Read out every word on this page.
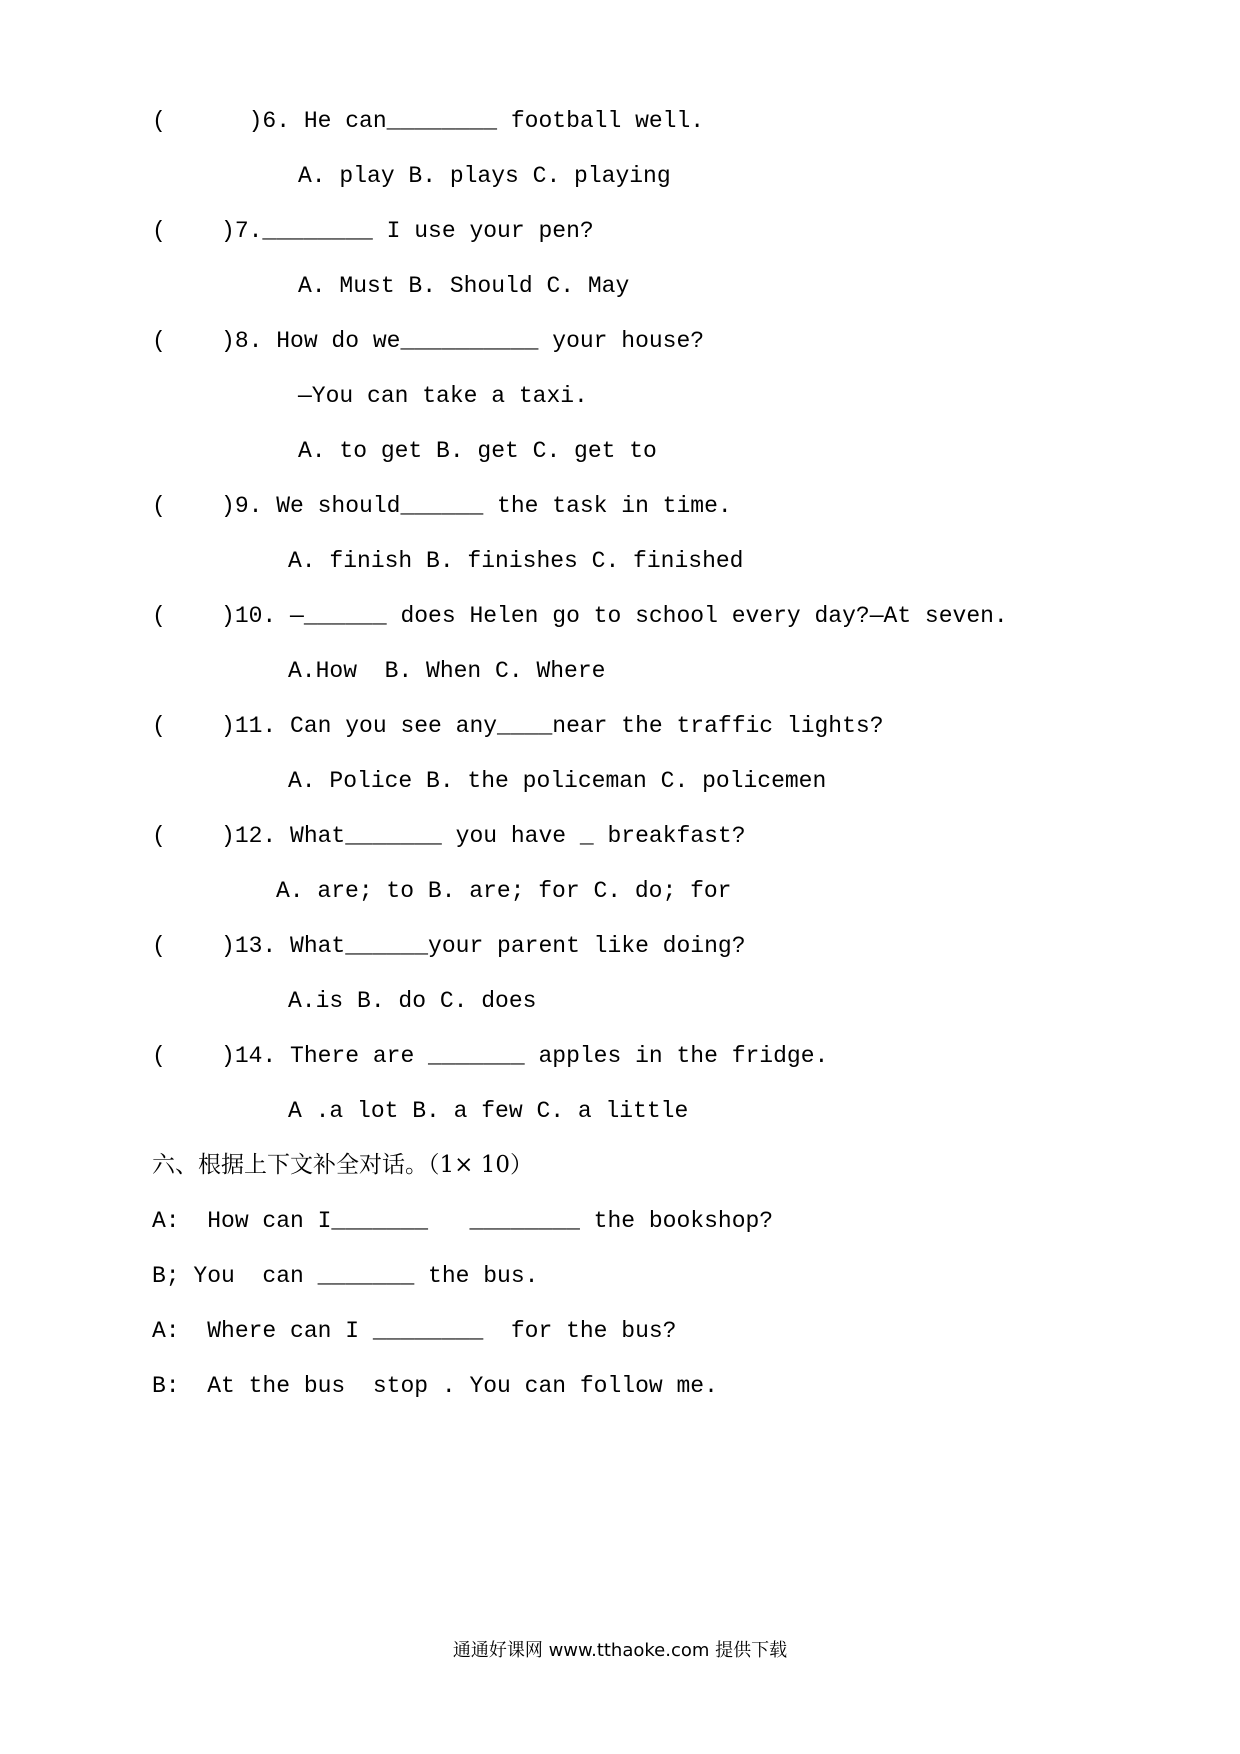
(      )6. He can________ football well.
A. play B. plays C. playing
(    )7.________ I use your pen?
A. Must B. Should C. May
(    )8. How do we__________ your house?
—You can take a taxi.
A. to get B. get C. get to
(    )9. We should______ the task in time.
A. finish B. finishes C. finished
(    )10. —______ does Helen go to school every day?—At seven.
A.How  B. When C. Where
(    )11. Can you see any____near the traffic lights?
A. Police B. the policeman C. policemen
(    )12. What_______ you have _ breakfast?
A. are; to B. are; for C. do; for
(    )13. What______your parent like doing?
A.is B. do C. does
(    )14. There are _______ apples in the fridge.
A .a lot B. a few C. a little
六、根据上下文补全对话。（1× 10）
A:  How can I_______   ________ the bookshop?
B; You  can _______ the bus.
A:  Where can I ________  for the bus?
B:  At the bus  stop . You can follow me.
通通好课网 www.tthaoke.com 提供下载
